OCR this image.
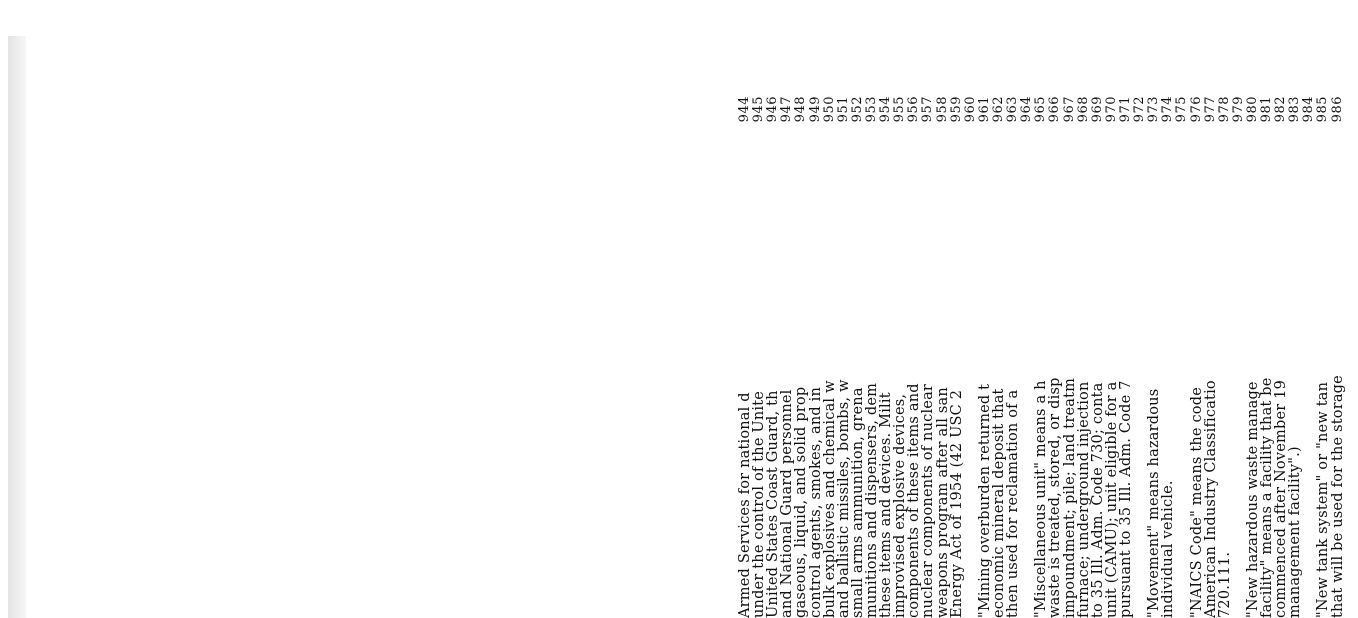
944 945 946 947 948 949 950 951 952 953 954 955 956 957 958 959 960 961 962 963 964 965 966 967 968 969 970 971 972 973 974 975 976 977 978 979 980 981 982 983 984 985 986
Armed Services for national d
under the control of the Unite
United States Coast Guard, th
and National Guard personnel
gaseous, liquid, and solid prop
control agents, smokes, and in
bulk explosives and chemical w
and ballistic missiles, bombs, w
small arms ammunition, grena
munitions and dispensers, dem
these items and devices. Milit
improvised explosive devices,
components of these items and
nuclear components of nuclear
weapons program after all san
Energy Act of 1954 (42 USC 2 "Mining overburden returned t
economic mineral deposit that
then used for reclamation of a "Miscellaneous unit" means a h
waste is treated, stored, or disp
impoundment; pile; land treatm
furnace; underground injection
to 35 Ill. Adm. Code 730; conta
unit (CAMU); unit eligible for a
pursuant to 35 Ill. Adm. Code 7 "Movement" means hazardous
individual vehicle. "NAICS Code" means the code
American Industry Classificatio
720.111. "New hazardous waste manage
facility" means a facility that be
commenced after November 19
management facility".) "New tank system" or "new tan
that will be used for the storage
